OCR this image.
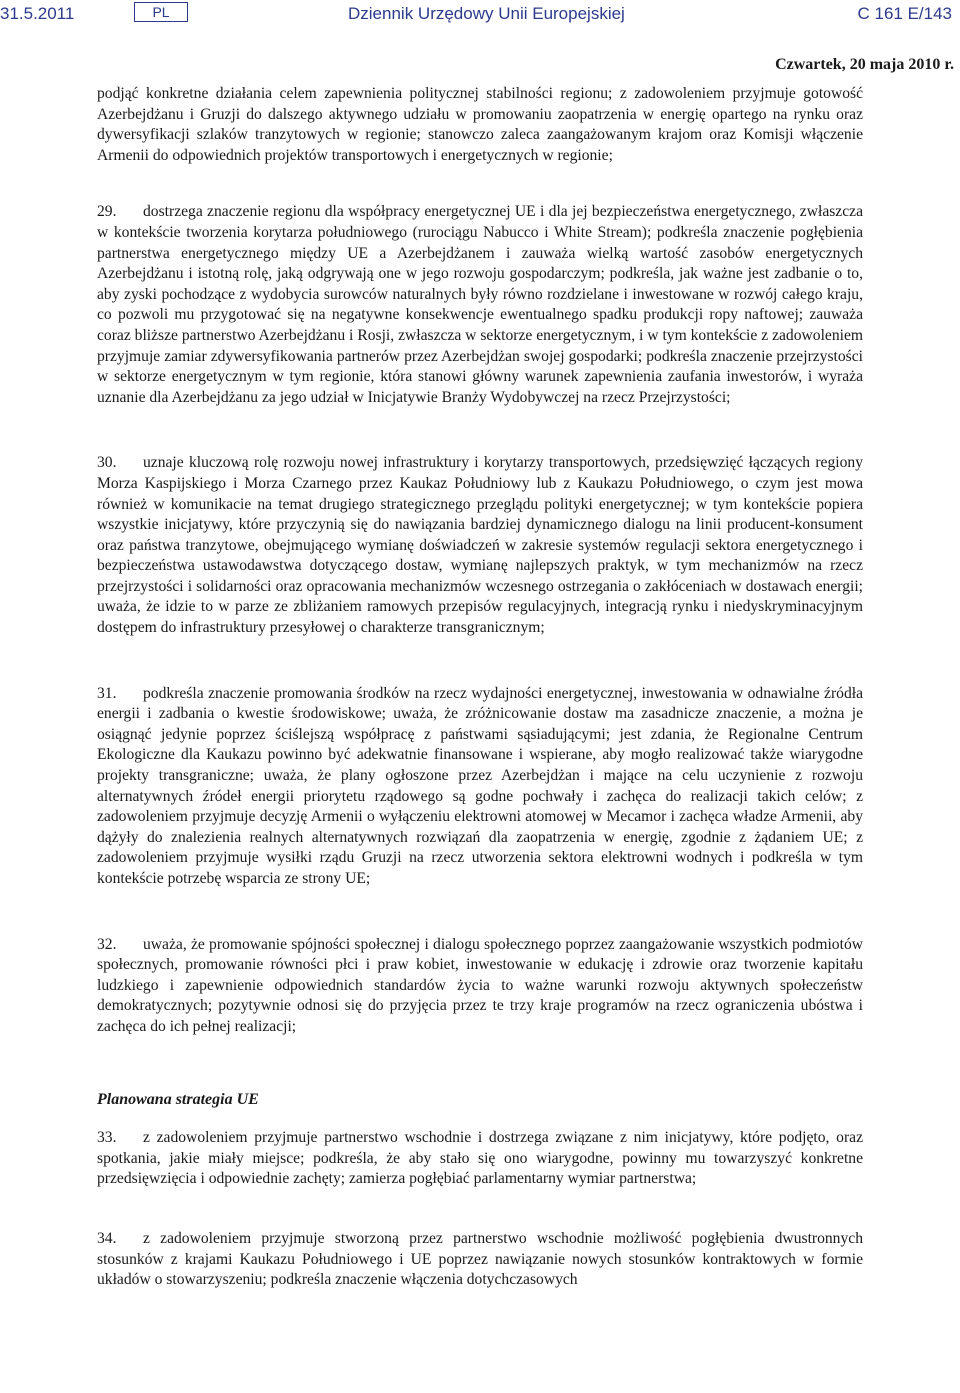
31.5.2011	PL	Dziennik Urzędowy Unii Europejskiej	C 161 E/143
Czwartek, 20 maja 2010 r.

podjąć konkretne działania celem zapewnienia politycznej stabilności regionu; z zadowoleniem przyjmuje gotowość Azerbejdżanu i Gruzji do dalszego aktywnego udziału w promowaniu zaopatrzenia w energię opartego na rynku oraz dywersyfikacji szlaków tranzytowych w regionie; stanowczo zaleca zaangażowanym krajom oraz Komisji włączenie Armenii do odpowiednich projektów transportowych i energetycznych w regionie;

29. dostrzega znaczenie regionu dla współpracy energetycznej UE i dla jej bezpieczeństwa energetycznego, zwłaszcza w kontekście tworzenia korytarza południowego (rurociągu Nabucco i White Stream); podkreśla znaczenie pogłębienia partnerstwa energetycznego między UE a Azerbejdżanem i zauważa wielką wartość zasobów energetycznych Azerbejdżanu i istotną rolę, jaką odgrywają one w jego rozwoju gospodarczym; podkreśla, jak ważne jest zadbanie o to, aby zyski pochodzące z wydobycia surowców naturalnych były równo rozdzielane i inwestowane w rozwój całego kraju, co pozwoli mu przygotować się na negatywne konsekwencje ewentualnego spadku produkcji ropy naftowej; zauważa coraz bliższe partnerstwo Azerbejdżanu i Rosji, zwłaszcza w sektorze energetycznym, i w tym kontekście z zadowoleniem przyjmuje zamiar zdywersyfikowania partnerów przez Azerbejdżan swojej gospodarki; podkreśla znaczenie przejrzystości w sektorze energetycznym w tym regionie, która stanowi główny warunek zapewnienia zaufania inwestorów, i wyraża uznanie dla Azerbejdżanu za jego udział w Inicjatywie Branży Wydobywczej na rzecz Przejrzystości;

30. uznaje kluczową rolę rozwoju nowej infrastruktury i korytarzy transportowych, przedsięwzięć łączących regiony Morza Kaspijskiego i Morza Czarnego przez Kaukaz Południowy lub z Kaukazu Południowego, o czym jest mowa również w komunikacie na temat drugiego strategicznego przeglądu polityki energetycznej; w tym kontekście popiera wszystkie inicjatywy, które przyczynią się do nawiązania bardziej dynamicznego dialogu na linii producent-konsument oraz państwa tranzytowe, obejmującego wymianę doświadczeń w zakresie systemów regulacji sektora energetycznego i bezpieczeństwa ustawodawstwa dotyczącego dostaw, wymianę najlepszych praktyk, w tym mechanizmów na rzecz przejrzystości i solidarności oraz opracowania mechanizmów wczesnego ostrzegania o zakłóceniach w dostawach energii; uważa, że idzie to w parze ze zbliżaniem ramowych przepisów regulacyjnych, integracją rynku i niedyskryminacyjnym dostępem do infrastruktury przesyłowej o charakterze transgranicznym;

31. podkreśla znaczenie promowania środków na rzecz wydajności energetycznej, inwestowania w odnawialne źródła energii i zadbania o kwestie środowiskowe; uważa, że zróżnicowanie dostaw ma zasadnicze znaczenie, a można je osiągnąć jedynie poprzez ściślejszą współpracę z państwami sąsiadującymi; jest zdania, że Regionalne Centrum Ekologiczne dla Kaukazu powinno być adekwatnie finansowane i wspierane, aby mogło realizować także wiarygodne projekty transgraniczne; uważa, że plany ogłoszone przez Azerbejdżan i mające na celu uczynienie z rozwoju alternatywnych źródeł energii priorytetu rządowego są godne pochwały i zachęca do realizacji takich celów; z zadowoleniem przyjmuje decyzję Armenii o wyłączeniu elektrowni atomowej w Mecamor i zachęca władze Armenii, aby dążyły do znalezienia realnych alternatywnych rozwiązań dla zaopatrzenia w energię, zgodnie z żądaniem UE; z zadowoleniem przyjmuje wysiłki rządu Gruzji na rzecz utworzenia sektora elektrowni wodnych i podkreśla w tym kontekście potrzebę wsparcia ze strony UE;

32. uważa, że promowanie spójności społecznej i dialogu społecznego poprzez zaangażowanie wszystkich podmiotów społecznych, promowanie równości płci i praw kobiet, inwestowanie w edukację i zdrowie oraz tworzenie kapitału ludzkiego i zapewnienie odpowiednich standardów życia to ważne warunki rozwoju aktywnych społeczeństw demokratycznych; pozytywnie odnosi się do przyjęcia przez te trzy kraje programów na rzecz ograniczenia ubóstwa i zachęca do ich pełnej realizacji;

Planowana strategia UE

33. z zadowoleniem przyjmuje partnerstwo wschodnie i dostrzega związane z nim inicjatywy, które podjęto, oraz spotkania, jakie miały miejsce; podkreśla, że aby stało się ono wiarygodne, powinny mu towarzyszyć konkretne przedsięwzięcia i odpowiednie zachęty; zamierza pogłębiać parlamentarny wymiar partnerstwa;

34. z zadowoleniem przyjmuje stworzoną przez partnerstwo wschodnie możliwość pogłębienia dwustronnych stosunków z krajami Kaukazu Południowego i UE poprzez nawiązanie nowych stosunków kontraktowych w formie układów o stowarzyszeniu; podkreśla znaczenie włączenia dotychczasowych
